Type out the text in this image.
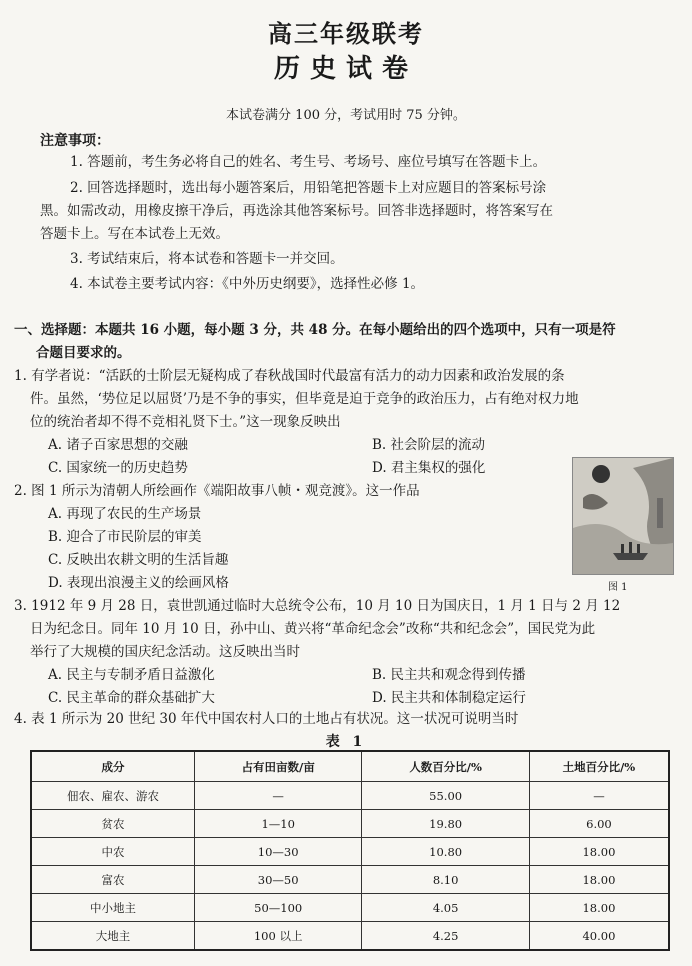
高三年级联考
历史试卷
本试卷满分 100 分，考试用时 75 分钟。
注意事项：
1. 答题前，考生务必将自己的姓名、考生号、考场号、座位号填写在答题卡上。
2. 回答选择题时，选出每小题答案后，用铅笔把答题卡上对应题目的答案标号涂
黑。如需改动，用橡皮擦干净后，再选涂其他答案标号。回答非选择题时，将答案写在
答题卡上。写在本试卷上无效。
3. 考试结束后，将本试卷和答题卡一并交回。
4. 本试卷主要考试内容：《中外历史纲要》，选择性必修 1。
一、选择题：本题共 16 小题，每小题 3 分，共 48 分。在每小题给出的四个选项中，只有一项是符
合题目要求的。
1. 有学者说：“活跃的士阶层无疑构成了春秋战国时代最富有活力的动力因素和政治发展的条
件。虽然，‘势位足以屈贤’乃是不争的事实，但毕竟是迫于竞争的政治压力，占有绝对权力地
位的统治者却不得不竞相礼贤下士。”这一现象反映出
A. 诸子百家思想的交融	B. 社会阶层的流动
C. 国家统一的历史趋势	D. 君主集权的强化
2. 图 1 所示为清朝人所绘画作《端阳故事八帧・观竞渡》。这一作品
A. 再现了农民的生产场景
B. 迎合了市民阶层的审美
C. 反映出农耕文明的生活旨趣
D. 表现出浪漫主义的绘画风格	图 1
3. 1912 年 9 月 28 日，袁世凯通过临时大总统令公布，10 月 10 日为国庆日，1 月 1 日与 2 月 12
日为纪念日。同年 10 月 10 日，孙中山、黄兴将“革命纪念会”改称“共和纪念会”，国民党为此
举行了大规模的国庆纪念活动。这反映出当时
A. 民主与专制矛盾日益激化	B. 民主共和观念得到传播
C. 民主革命的群众基础扩大	D. 民主共和体制稳定运行
4. 表 1 所示为 20 世纪 30 年代中国农村人口的土地占有状况。这一状况可说明当时
表 1
成分	占有田亩数/亩	人数百分比/%	土地百分比/%
佃农、雇农、游农	—	55.00	—
贫农	1—10	19.80	6.00
中农	10—30	10.80	18.00
富农	30—50	8.10	18.00
中小地主	50—100	4.05	18.00
大地主	100 以上	4.25	40.00
